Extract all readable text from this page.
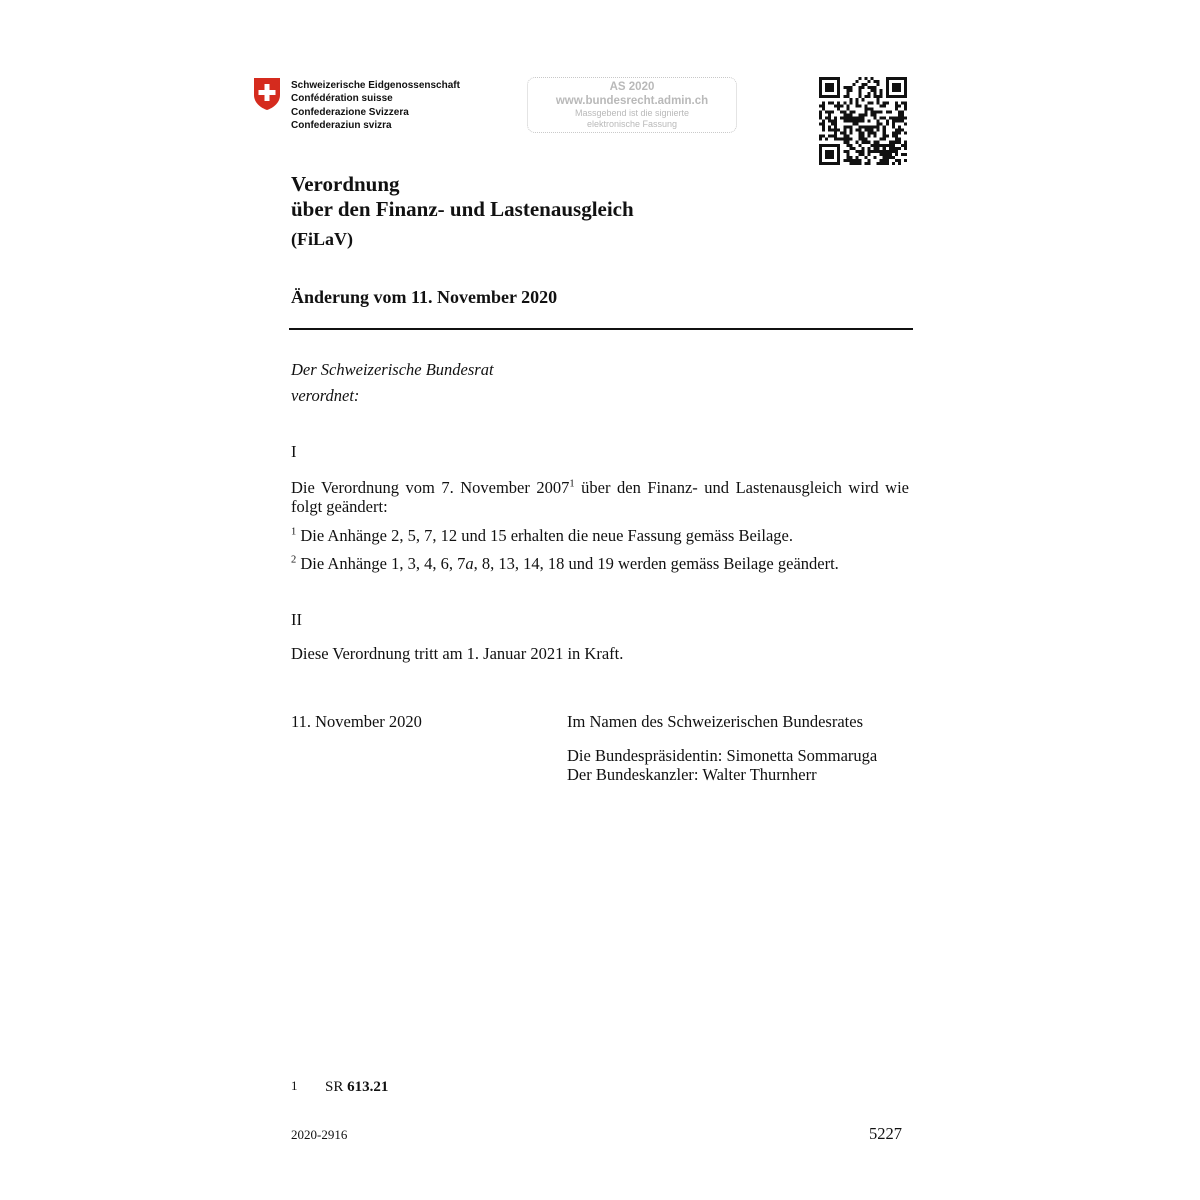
Schweizerische Eidgenossenschaft
Confédération suisse
Confederazione Svizzera
Confederaziun svizra
AS 2020
www.bundesrecht.admin.ch
Massgebend ist die signierte
elektronische Fassung
Verordnung
über den Finanz- und Lastenausgleich
(FiLaV)
Änderung vom 11. November 2020
Der Schweizerische Bundesrat
verordnet:
I
Die Verordnung vom 7. November 2007$^1$ über den Finanz- und Lastenausgleich wird wie folgt geändert:
$^1$ Die Anhänge 2, 5, 7, 12 und 15 erhalten die neue Fassung gemäss Beilage.
$^2$ Die Anhänge 1, 3, 4, 6, 7a, 8, 13, 14, 18 und 19 werden gemäss Beilage geändert.
II
Diese Verordnung tritt am 1. Januar 2021 in Kraft.
11. November 2020	Im Namen des Schweizerischen Bundesrates
Die Bundespräsidentin: Simonetta Sommaruga
Der Bundeskanzler: Walter Thurnherr
1 SR 613.21
2020-2916	5227
